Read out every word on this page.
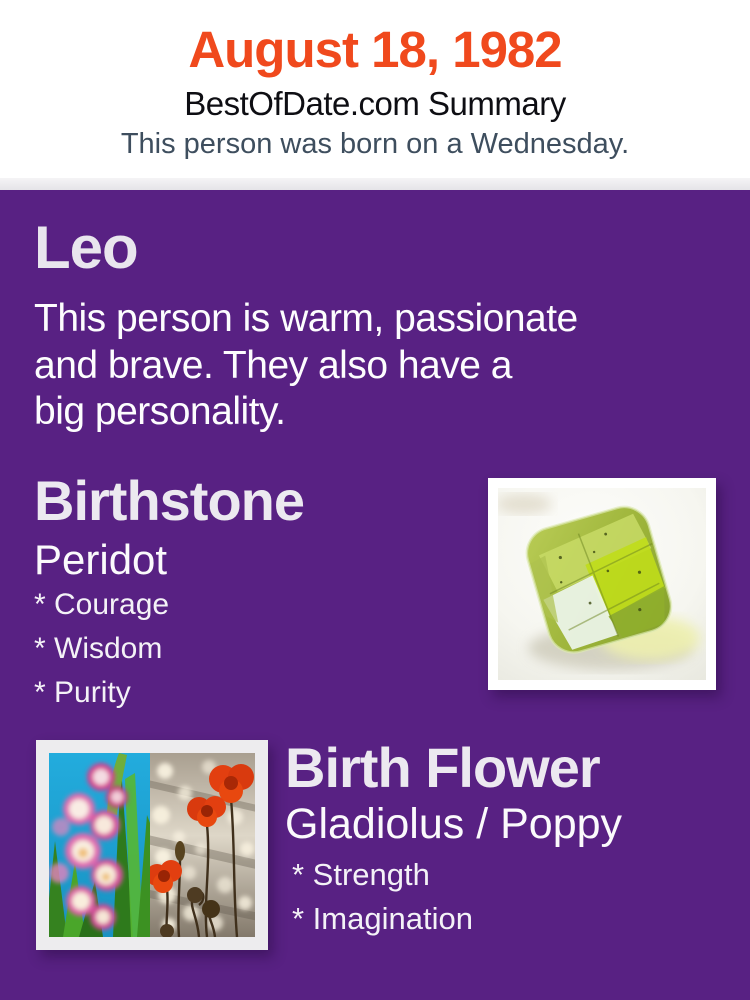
August 18, 1982
BestOfDate.com Summary
This person was born on a Wednesday.
Leo
This person is warm, passionate
and brave. They also have a
big personality.
Birthstone
Peridot
* Courage
* Wisdom
* Purity
Birth Flower
Gladiolus / Poppy
* Strength
* Imagination
